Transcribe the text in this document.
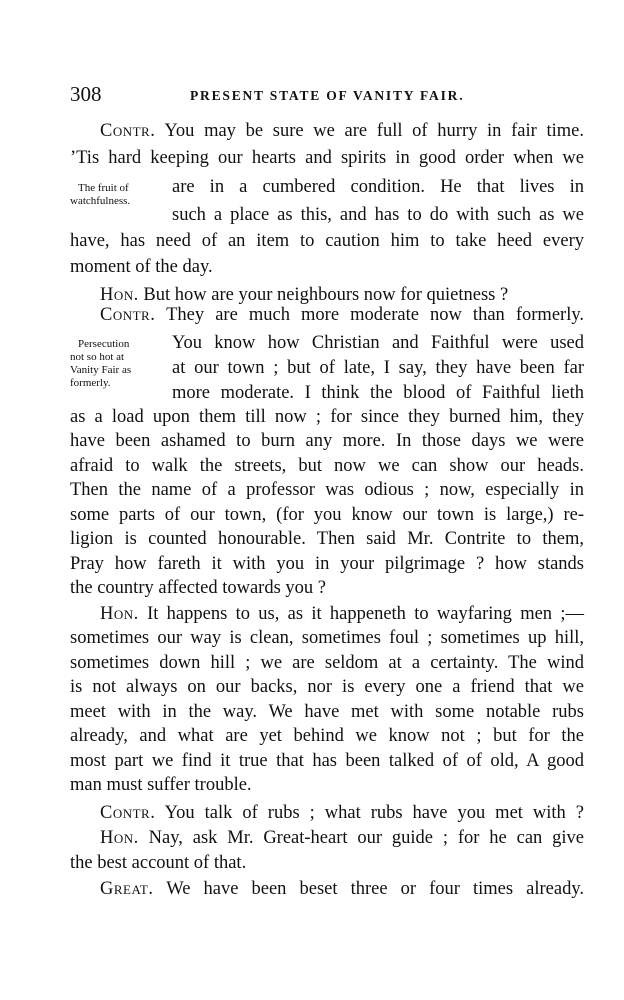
308	PRESENT STATE OF VANITY FAIR.
The fruit of
watchfulness.
Persecution
not so hot at
Vanity Fair as
formerly.
Contr. You may be sure we are full of hurry in fair time.
’Tis hard keeping our hearts and spirits in good order when we
are in a cumbered condition. He that lives in
such a place as this, and has to do with such as we
have, has need of an item to caution him to take heed every
moment of the day.
Hon. But how are your neighbours now for quietness ?
Contr. They are much more moderate now than formerly.
You know how Christian and Faithful were used
at our town ; but of late, I say, they have been far
more moderate. I think the blood of Faithful lieth
as a load upon them till now ; for since they burned him, they
have been ashamed to burn any more. In those days we were
afraid to walk the streets, but now we can show our heads.
Then the name of a professor was odious ; now, especially in
some parts of our town, (for you know our town is large,) re-
ligion is counted honourable. Then said Mr. Contrite to them,
Pray how fareth it with you in your pilgrimage ? how stands
the country affected towards you ?
Hon. It happens to us, as it happeneth to wayfaring men ;—
sometimes our way is clean, sometimes foul ; sometimes up hill,
sometimes down hill ; we are seldom at a certainty. The wind
is not always on our backs, nor is every one a friend that we
meet with in the way. We have met with some notable rubs
already, and what are yet behind we know not ; but for the
most part we find it true that has been talked of of old, A good
man must suffer trouble.
Contr. You talk of rubs ; what rubs have you met with ?
Hon. Nay, ask Mr. Great-heart our guide ; for he can give
the best account of that.
Great. We have been beset three or four times already.
